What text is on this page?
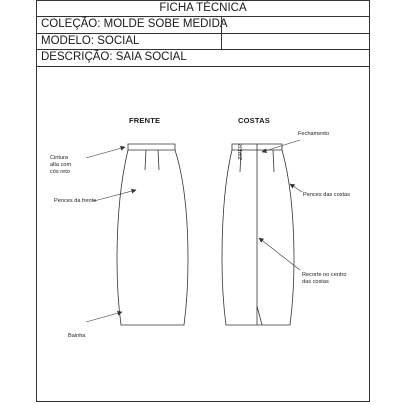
FICHA TÉCNICA
COLEÇÃO: MOLDE SOBE MEDIDA
MODELO: SOCIAL
DESCRIÇÃO: SAIA SOCIAL
FRENTE	COSTAS
Cintura
alta com
cós reto
Pences da frente
Bainha
Fechamento
Pences das costas
Recorte no centro
das costas
ZIPER
